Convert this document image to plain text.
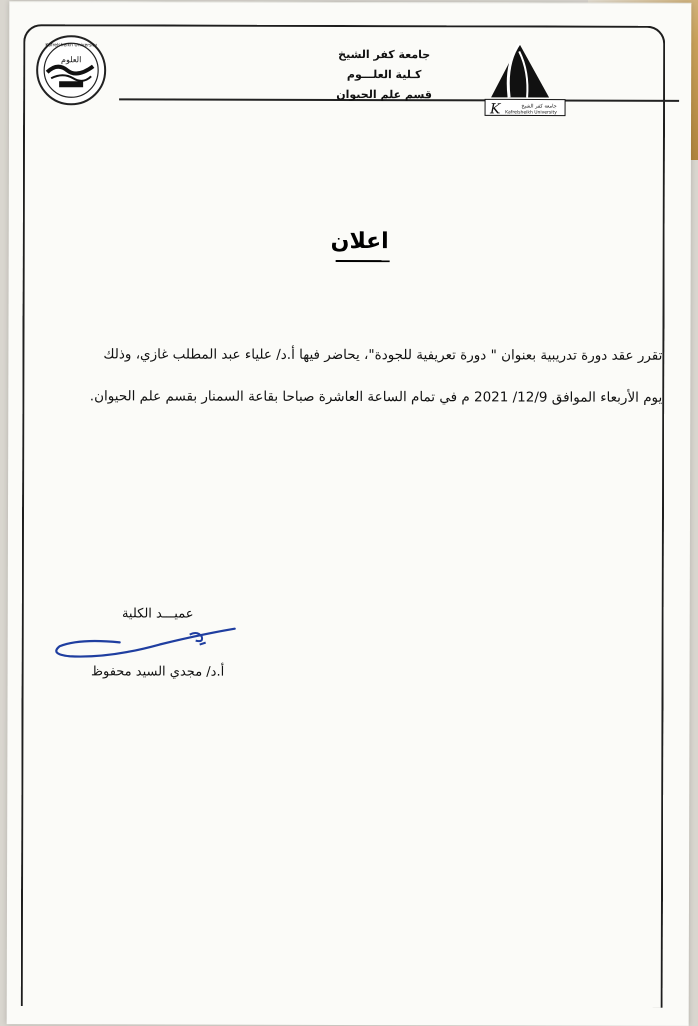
العلوم
Kafrelsheikh University
جامعة كفر الشيخ
كـلية العلـــوم
قسم علم الحيوان
K	جامعة كفر الشيخ
Kafrelsheikh University
اعلان
تقرر عقد دورة تدريبية بعنوان " دورة تعريفية للجودة"، يحاضر فيها أ.د/ علياء عبد المطلب غازي، وذلك
يوم الأربعاء الموافق 12/9/ 2021 م في تمام الساعة العاشرة صباحا بقاعة السمنار بقسم علم الحيوان.
عميـــد الكلية
أ.د/ مجدي السيد محفوظ
